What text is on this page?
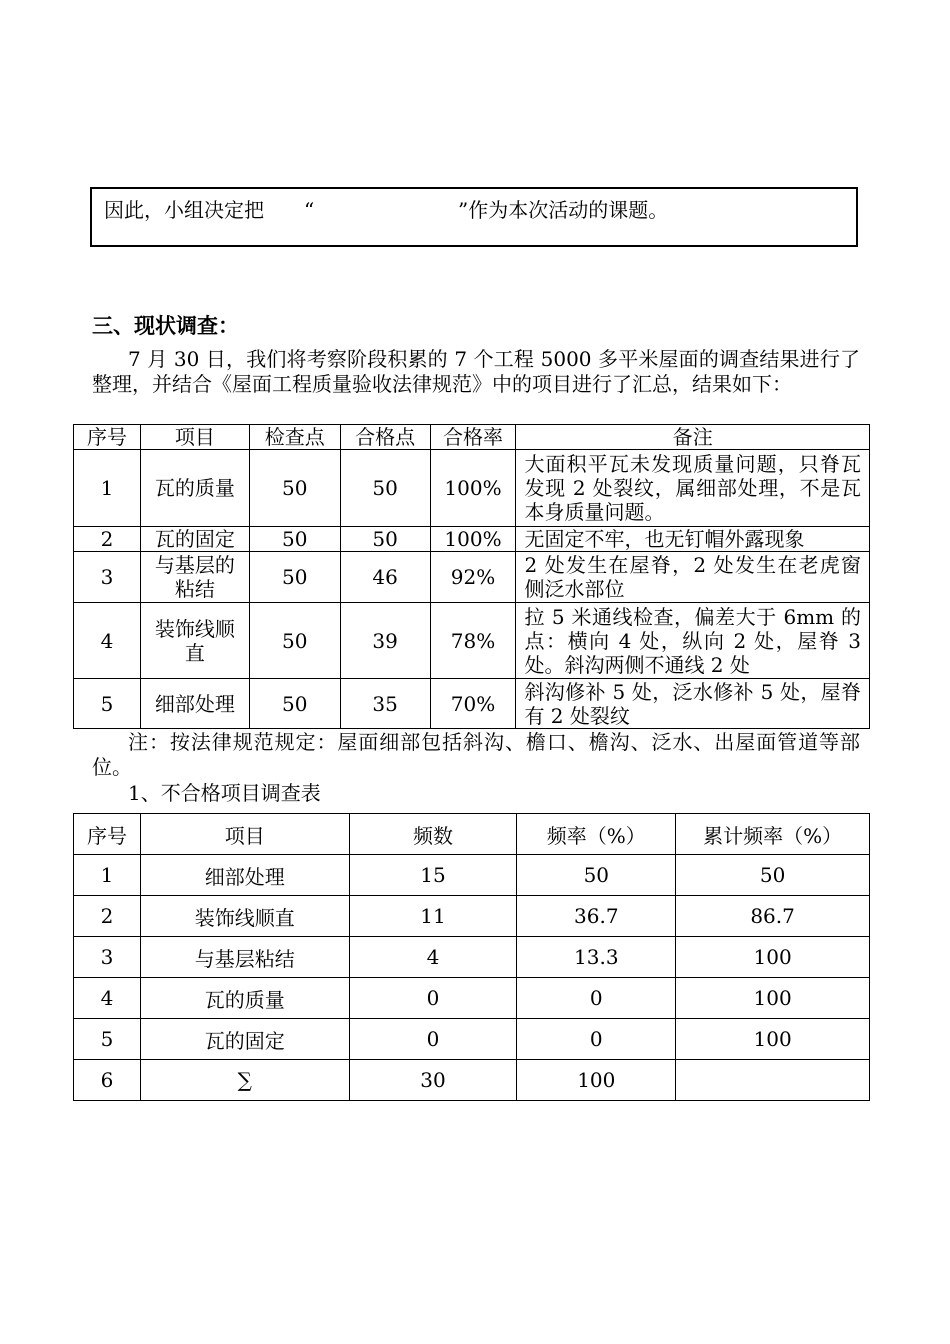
因此，小组决定把 “	”作为本次活动的课题。
三、现状调查：
7 月 30 日，我们将考察阶段积累的 7 个工程 5000 多平米屋面的调查结果进行了整理，并结合《屋面工程质量验收法律规范》中的项目进行了汇总，结果如下：
序号	项目	检查点	合格点	合格率	备注
1	瓦的质量	50	50	100%	大面积平瓦未发现质量问题，只脊瓦发现 2 处裂纹，属细部处理，不是瓦本身质量问题。
2	瓦的固定	50	50	100%	无固定不牢，也无钉帽外露现象
3	与基层的粘结	50	46	92%	2 处发生在屋脊，2 处发生在老虎窗侧泛水部位
4	装饰线顺直	50	39	78%	拉 5 米通线检查，偏差大于 6mm 的点：横向 4 处，纵向 2 处，屋脊 3 处。斜沟两侧不通线 2 处
5	细部处理	50	35	70%	斜沟修补 5 处，泛水修补 5 处，屋脊有 2 处裂纹
注：按法律规范规定：屋面细部包括斜沟、檐口、檐沟、泛水、出屋面管道等部位。
1、不合格项目调查表
序号	项目	频数	频率（%）	累计频率（%）
1	细部处理	15	50	50
2	装饰线顺直	11	36.7	86.7
3	与基层粘结	4	13.3	100
4	瓦的质量	0	0	100
5	瓦的固定	0	0	100
6	∑	30	100	
